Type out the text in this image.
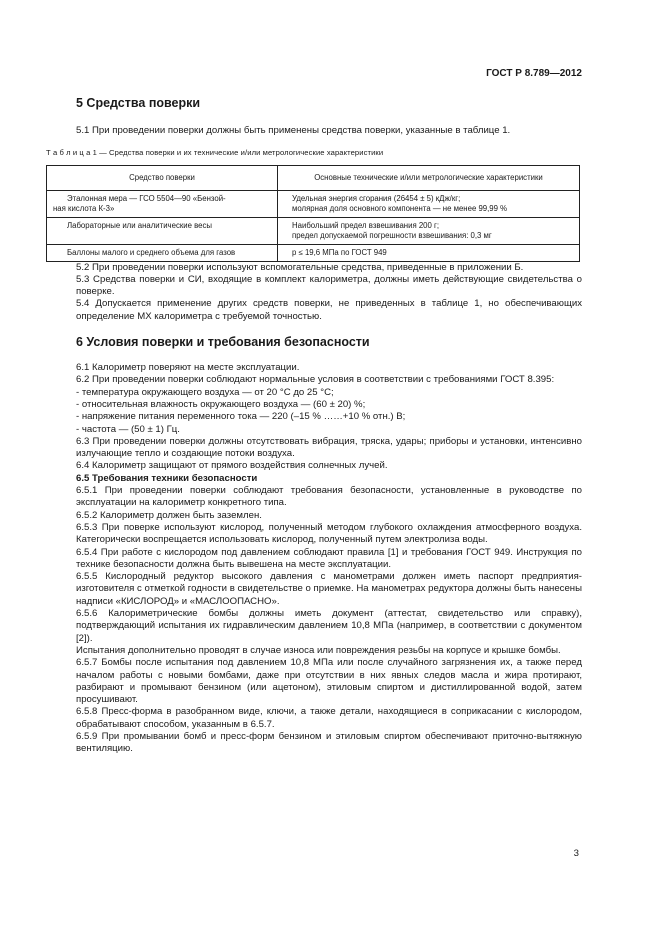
ГОСТ Р 8.789—2012
5 Средства поверки

5.1 При проведении поверки должны быть применены средства поверки, указанные в таблице 1.

Т а б л и ц а 1 — Средства поверки и их технические и/или метрологические характеристики
Средство поверки	Основные технические и/или метрологические характеристики

Эталонная мера — ГСО 5504—90 «Бензой-
ная кислота К-3»	Удельная энергия сгорания (26454 ± 5) кДж/кг;
молярная доля основного компонента — не менее 99,99 %

Лабораторные или аналитические весы	Наибольший предел взвешивания 200 г;
предел допускаемой погрешности взвешивания: 0,3 мг

Баллоны малого и среднего объема для газов	p ≤ 19,6 МПа по ГОСТ 949

5.2 При проведении поверки используют вспомогательные средства, приведенные в приложении Б.

5.3 Средства поверки и СИ, входящие в комплект калориметра, должны иметь действующие свидетельства о поверке.

5.4 Допускается применение других средств поверки, не приведенных в таблице 1, но обеспечивающих определение МХ калориметра с требуемой точностью.

6 Условия поверки и требования безопасности

6.1 Калориметр поверяют на месте эксплуатации.

6.2 При проведении поверки соблюдают нормальные условия в соответствии с требованиями ГОСТ 8.395:

- температура окружающего воздуха — от 20 °С до 25 °С;

- относительная влажность окружающего воздуха — (60 ± 20) %;

- напряжение питания переменного тока — 220 (–15 % ……+10 % отн.) В;

- частота — (50 ± 1) Гц.

6.3 При проведении поверки должны отсутствовать вибрация, тряска, удары; приборы и установки, интенсивно излучающие тепло и создающие потоки воздуха.

6.4 Калориметр защищают от прямого воздействия солнечных лучей.

6.5 Требования техники безопасности

6.5.1 При проведении поверки соблюдают требования безопасности, установленные в руководстве по эксплуатации на калориметр конкретного типа.

6.5.2 Калориметр должен быть заземлен.

6.5.3 При поверке используют кислород, полученный методом глубокого охлаждения атмосферного воздуха. Категорически воспрещается использовать кислород, полученный путем электролиза воды.

6.5.4 При работе с кислородом под давлением соблюдают правила [1] и требования ГОСТ 949. Инструкция по технике безопасности должна быть вывешена на месте эксплуатации.

6.5.5 Кислородный редуктор высокого давления с манометрами должен иметь паспорт предприятия-изготовителя с отметкой годности в свидетельстве о приемке. На манометрах редуктора должны быть нанесены надписи «КИСЛОРОД» и «МАСЛООПАСНО».

6.5.6 Калориметрические бомбы должны иметь документ (аттестат, свидетельство или справку), подтверждающий испытания их гидравлическим давлением 10,8 МПа (например, в соответствии с документом [2]).

Испытания дополнительно проводят в случае износа или повреждения резьбы на корпусе и крышке бомбы.

6.5.7 Бомбы после испытания под давлением 10,8 МПа или после случайного загрязнения их, а также перед началом работы с новыми бомбами, даже при отсутствии в них явных следов масла и жира протирают, разбирают и промывают бензином (или ацетоном), этиловым спиртом и дистиллированной водой, затем просушивают.

6.5.8 Пресс-форма в разобранном виде, ключи, а также детали, находящиеся в соприкасании с кислородом, обрабатывают способом, указанным в 6.5.7.

6.5.9 При промывании бомб и пресс-форм бензином и этиловым спиртом обеспечивают приточно-вытяжную вентиляцию.

3
